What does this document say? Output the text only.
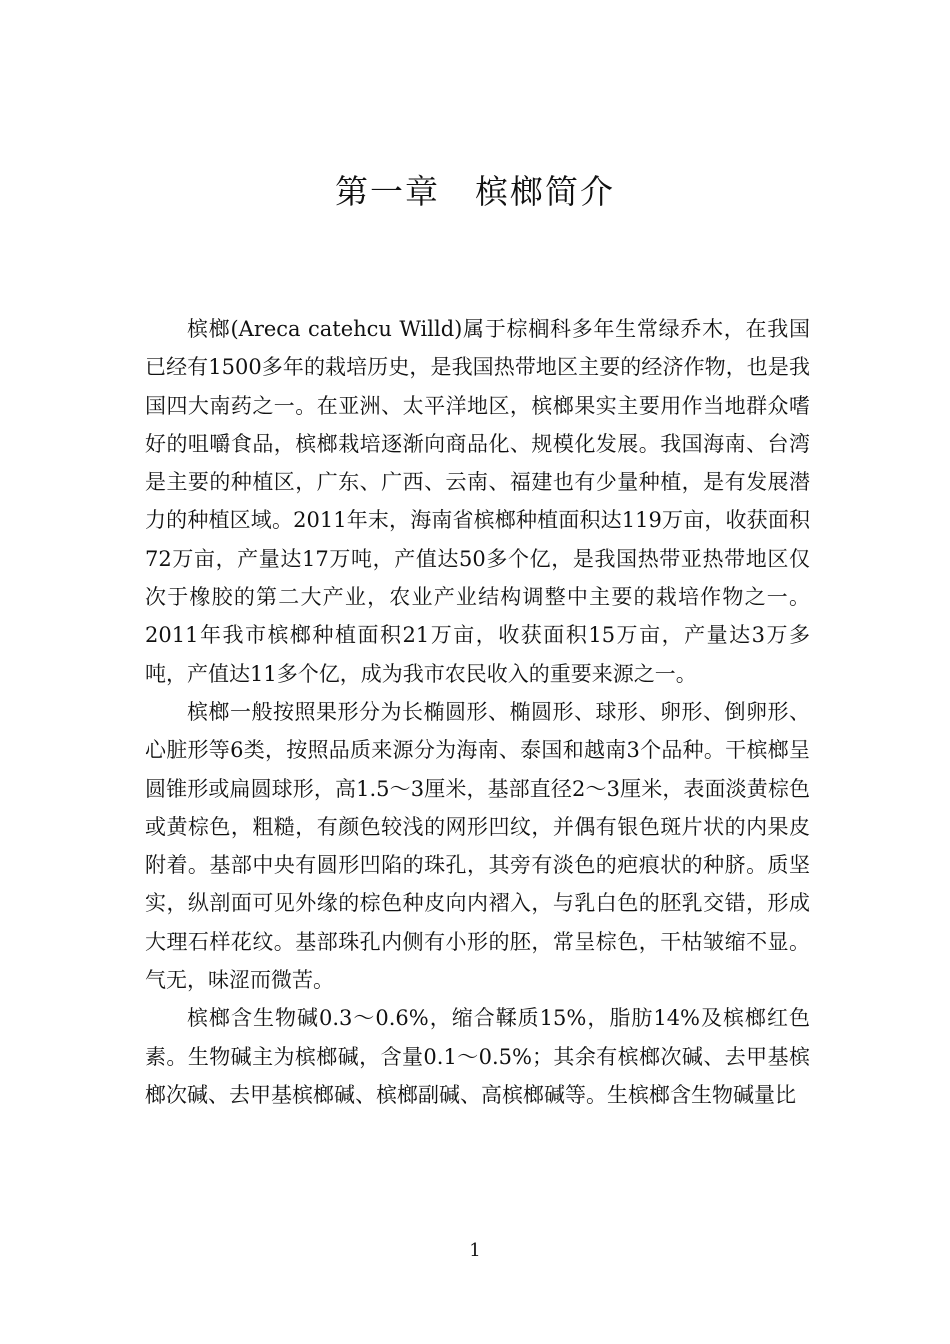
第一章　槟榔简介

槟榔(Areca catehcu Willd)属于棕榈科多年生常绿乔木，在我国已经有1500多年的栽培历史，是我国热带地区主要的经济作物，也是我国四大南药之一。在亚洲、太平洋地区，槟榔果实主要用作当地群众嗜好的咀嚼食品，槟榔栽培逐渐向商品化、规模化发展。我国海南、台湾是主要的种植区，广东、广西、云南、福建也有少量种植，是有发展潜力的种植区域。2011年末，海南省槟榔种植面积达119万亩，收获面积72万亩，产量达17万吨，产值达50多个亿，是我国热带亚热带地区仅次于橡胶的第二大产业，农业产业结构调整中主要的栽培作物之一。2011年我市槟榔种植面积21万亩，收获面积15万亩，产量达3万多吨，产值达11多个亿，成为我市农民收入的重要来源之一。

槟榔一般按照果形分为长椭圆形、椭圆形、球形、卵形、倒卵形、心脏形等6类，按照品质来源分为海南、泰国和越南3个品种。干槟榔呈圆锥形或扁圆球形，高1.5～3厘米，基部直径2～3厘米，表面淡黄棕色或黄棕色，粗糙，有颜色较浅的网形凹纹，并偶有银色斑片状的内果皮附着。基部中央有圆形凹陷的珠孔，其旁有淡色的疤痕状的种脐。质坚实，纵剖面可见外缘的棕色种皮向内褶入，与乳白色的胚乳交错，形成大理石样花纹。基部珠孔内侧有小形的胚，常呈棕色，干枯皱缩不显。气无，味涩而微苦。

槟榔含生物碱0.3～0.6%，缩合鞣质15%，脂肪14%及槟榔红色素。生物碱主为槟榔碱，含量0.1～0.5%；其余有槟榔次碱、去甲基槟榔次碱、去甲基槟榔碱、槟榔副碱、高槟榔碱等。生槟榔含生物碱量比

1
